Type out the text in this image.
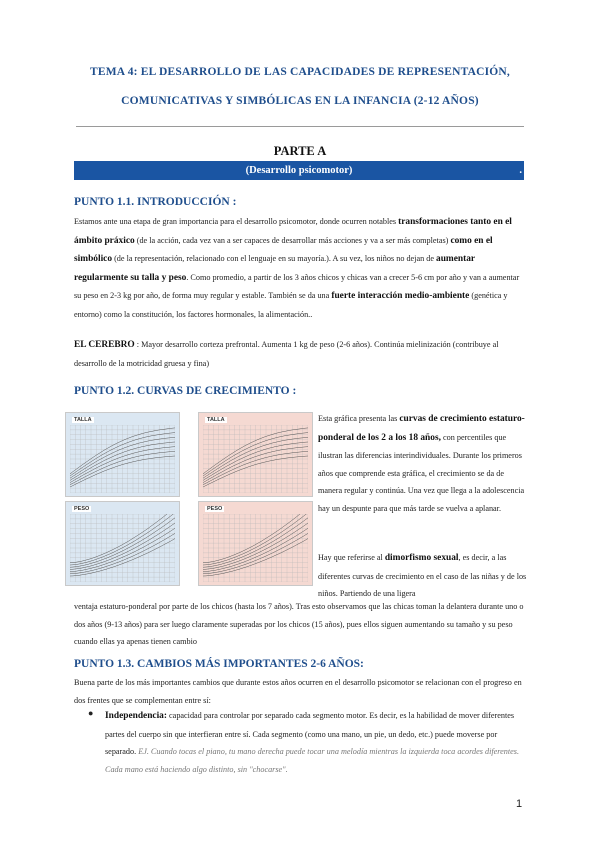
TEMA 4: EL DESARROLLO DE LAS CAPACIDADES DE REPRESENTACIÓN,
COMUNICATIVAS Y SIMBÓLICAS EN LA INFANCIA (2-12 AÑOS)
PARTE A
(Desarrollo psicomotor)	.
PUNTO 1.1. INTRODUCCIÓN :
Estamos ante una etapa de gran importancia para el desarrollo psicomotor, donde ocurren notables transformaciones tanto en el ámbito práxico (de la acción, cada vez van a ser capaces de desarrollar más acciones y va a ser más completas) como en el simbólico (de la representación, relacionado con el lenguaje en su mayoría.). A su vez, los niños no dejan de aumentar regularmente su talla y peso. Como promedio, a partir de los 3 años chicos y chicas van a crecer 5-6 cm por año y van a aumentar su peso en 2-3 kg por año, de forma muy regular y estable. También se da una fuerte interacción medio-ambiente (genética y entorno) como la constitución, los factores hormonales, la alimentación..
EL CEREBRO : Mayor desarrollo corteza prefrontal. Aumenta 1 kg de peso (2-6 años). Continúa mielinización (contribuye al desarrollo de la motricidad gruesa y fina)
PUNTO 1.2. CURVAS DE CRECIMIENTO :
TALLA	TALLA
PESO	PESO
Esta gráfica presenta las curvas de crecimiento estaturo-ponderal de los 2 a los 18 años, con percentiles que ilustran las diferencias interindividuales. Durante los primeros años que comprende esta gráfica, el crecimiento se da de manera regular y continúa. Una vez que llega a la adolescencia hay un despunte para que más tarde se vuelva a aplanar.
Hay que referirse al dimorfismo sexual, es decir, a las diferentes curvas de crecimiento en el caso de las niñas y de los niños. Partiendo de una ligera
ventaja estaturo-ponderal por parte de los chicos (hasta los 7 años). Tras esto observamos que las chicas toman la delantera durante uno o dos años (9-13 años) para ser luego claramente superadas por los chicos (15 años), pues ellos siguen aumentando su tamaño y su peso cuando ellas ya apenas tienen cambio
PUNTO 1.3. CAMBIOS MÁS IMPORTANTES 2-6 AÑOS:
Buena parte de los más importantes cambios que durante estos años ocurren en el desarrollo psicomotor se relacionan con el progreso en dos frentes que se complementan entre sí:
● Independencia: capacidad para controlar por separado cada segmento motor. Es decir, es la habilidad de mover diferentes partes del cuerpo sin que interfieran entre sí. Cada segmento (como una mano, un pie, un dedo, etc.) puede moverse por separado. EJ. Cuando tocas el piano, tu mano derecha puede tocar una melodía mientras la izquierda toca acordes diferentes. Cada mano está haciendo algo distinto, sin "chocarse".
1
